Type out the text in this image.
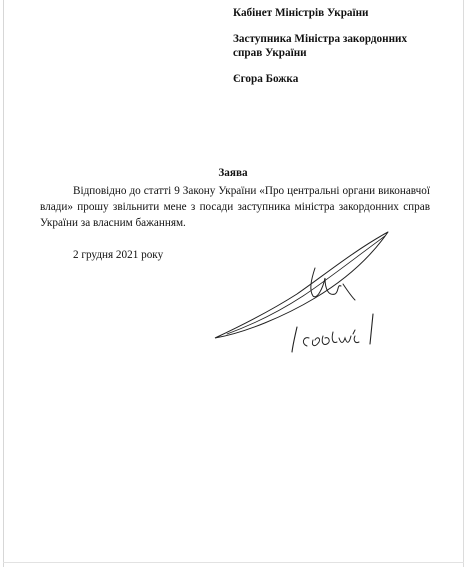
Кабінет Міністрів України
Заступника Міністра закордонних
справ України
Єгора Божка
Заява
Відповідно до статті 9 Закону України «Про центральні органи виконавчої влади» прошу звільнити мене з посади заступника міністра закордонних справ України за власним бажанням.
2 грудня 2021 року
